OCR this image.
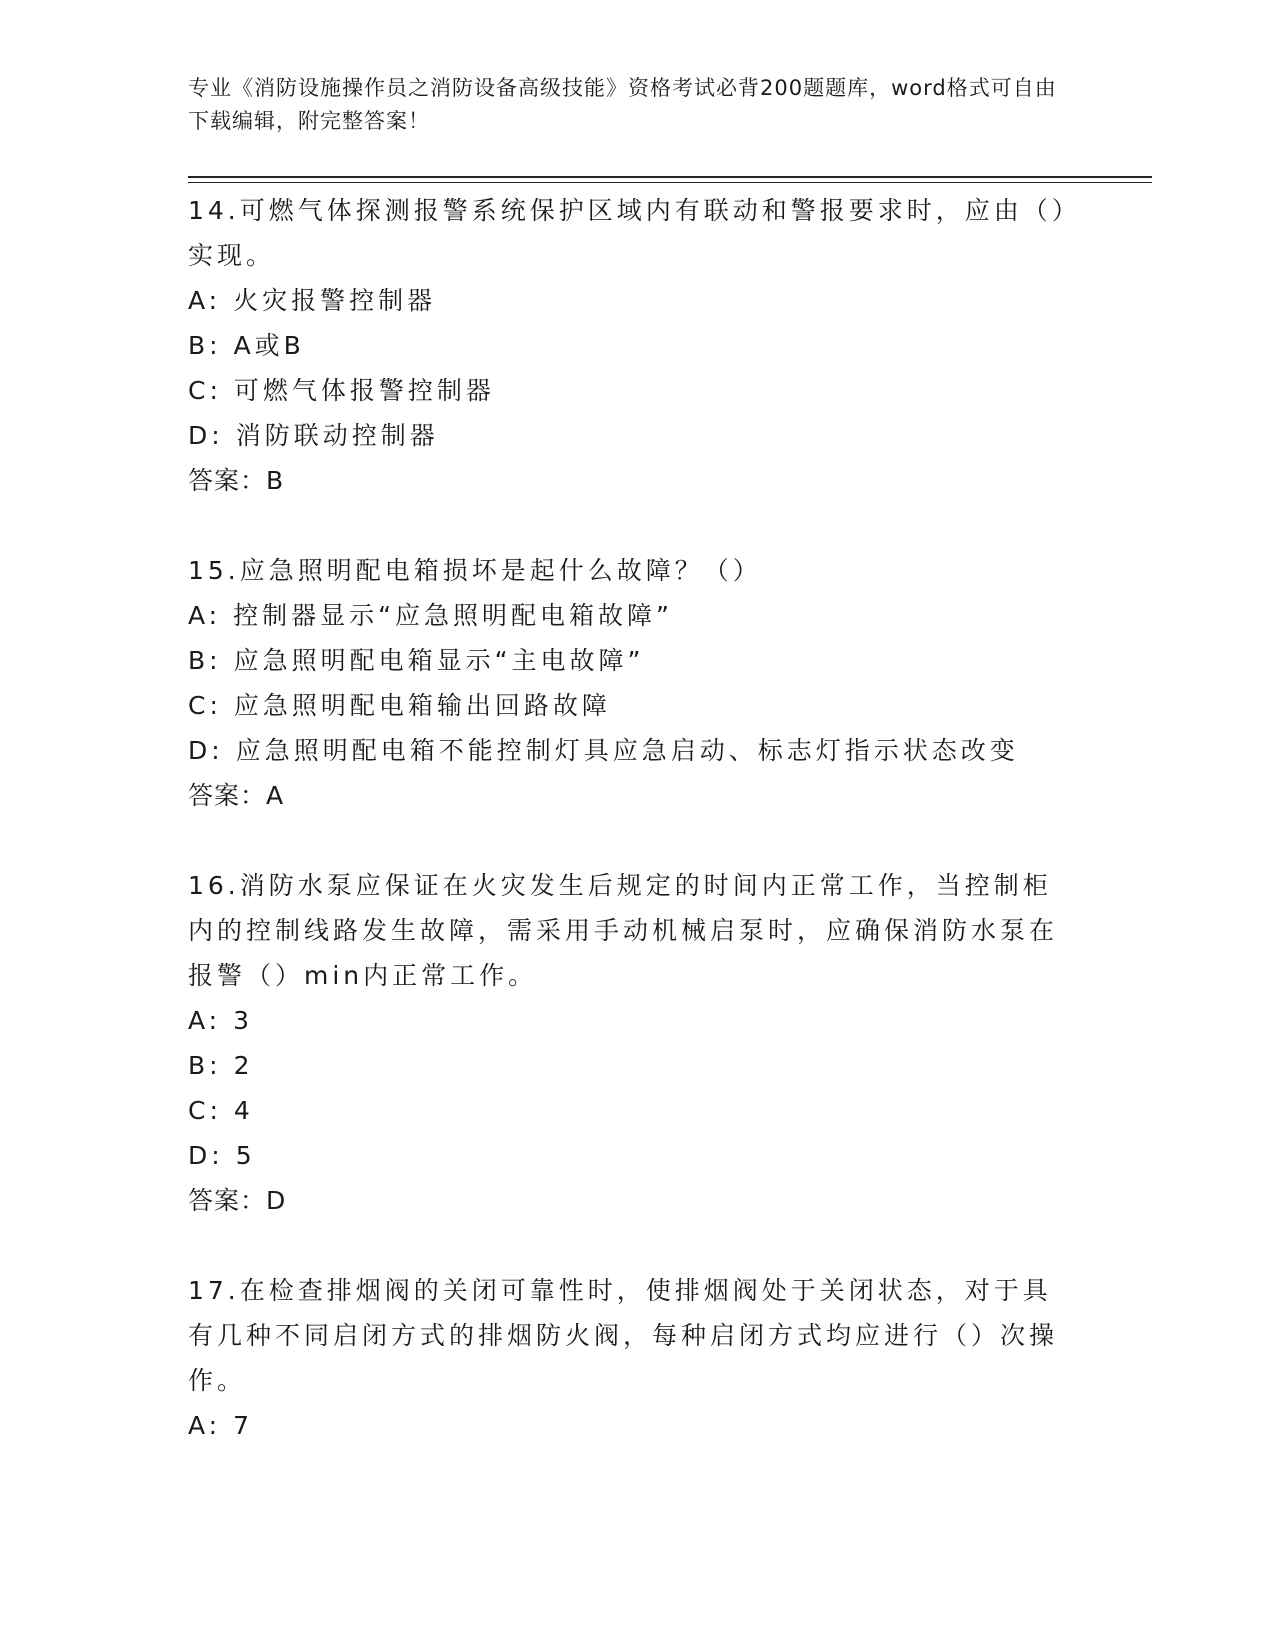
专业《消防设施操作员之消防设备高级技能》资格考试必背200题题库，word格式可自由下载编辑，附完整答案！
14.可燃气体探测报警系统保护区域内有联动和警报要求时，应由（）实现。
A: 火灾报警控制器
B: A或B
C: 可燃气体报警控制器
D: 消防联动控制器
答案：B
15.应急照明配电箱损坏是起什么故障？（）
A: 控制器显示“应急照明配电箱故障”
B: 应急照明配电箱显示“主电故障”
C: 应急照明配电箱输出回路故障
D: 应急照明配电箱不能控制灯具应急启动、标志灯指示状态改变
答案：A
16.消防水泵应保证在火灾发生后规定的时间内正常工作，当控制柜内的控制线路发生故障，需采用手动机械启泵时，应确保消防水泵在报警（）min内正常工作。
A: 3
B: 2
C: 4
D: 5
答案：D
17.在检查排烟阀的关闭可靠性时，使排烟阀处于关闭状态，对于具有几种不同启闭方式的排烟防火阀，每种启闭方式均应进行（）次操作。
A: 7
